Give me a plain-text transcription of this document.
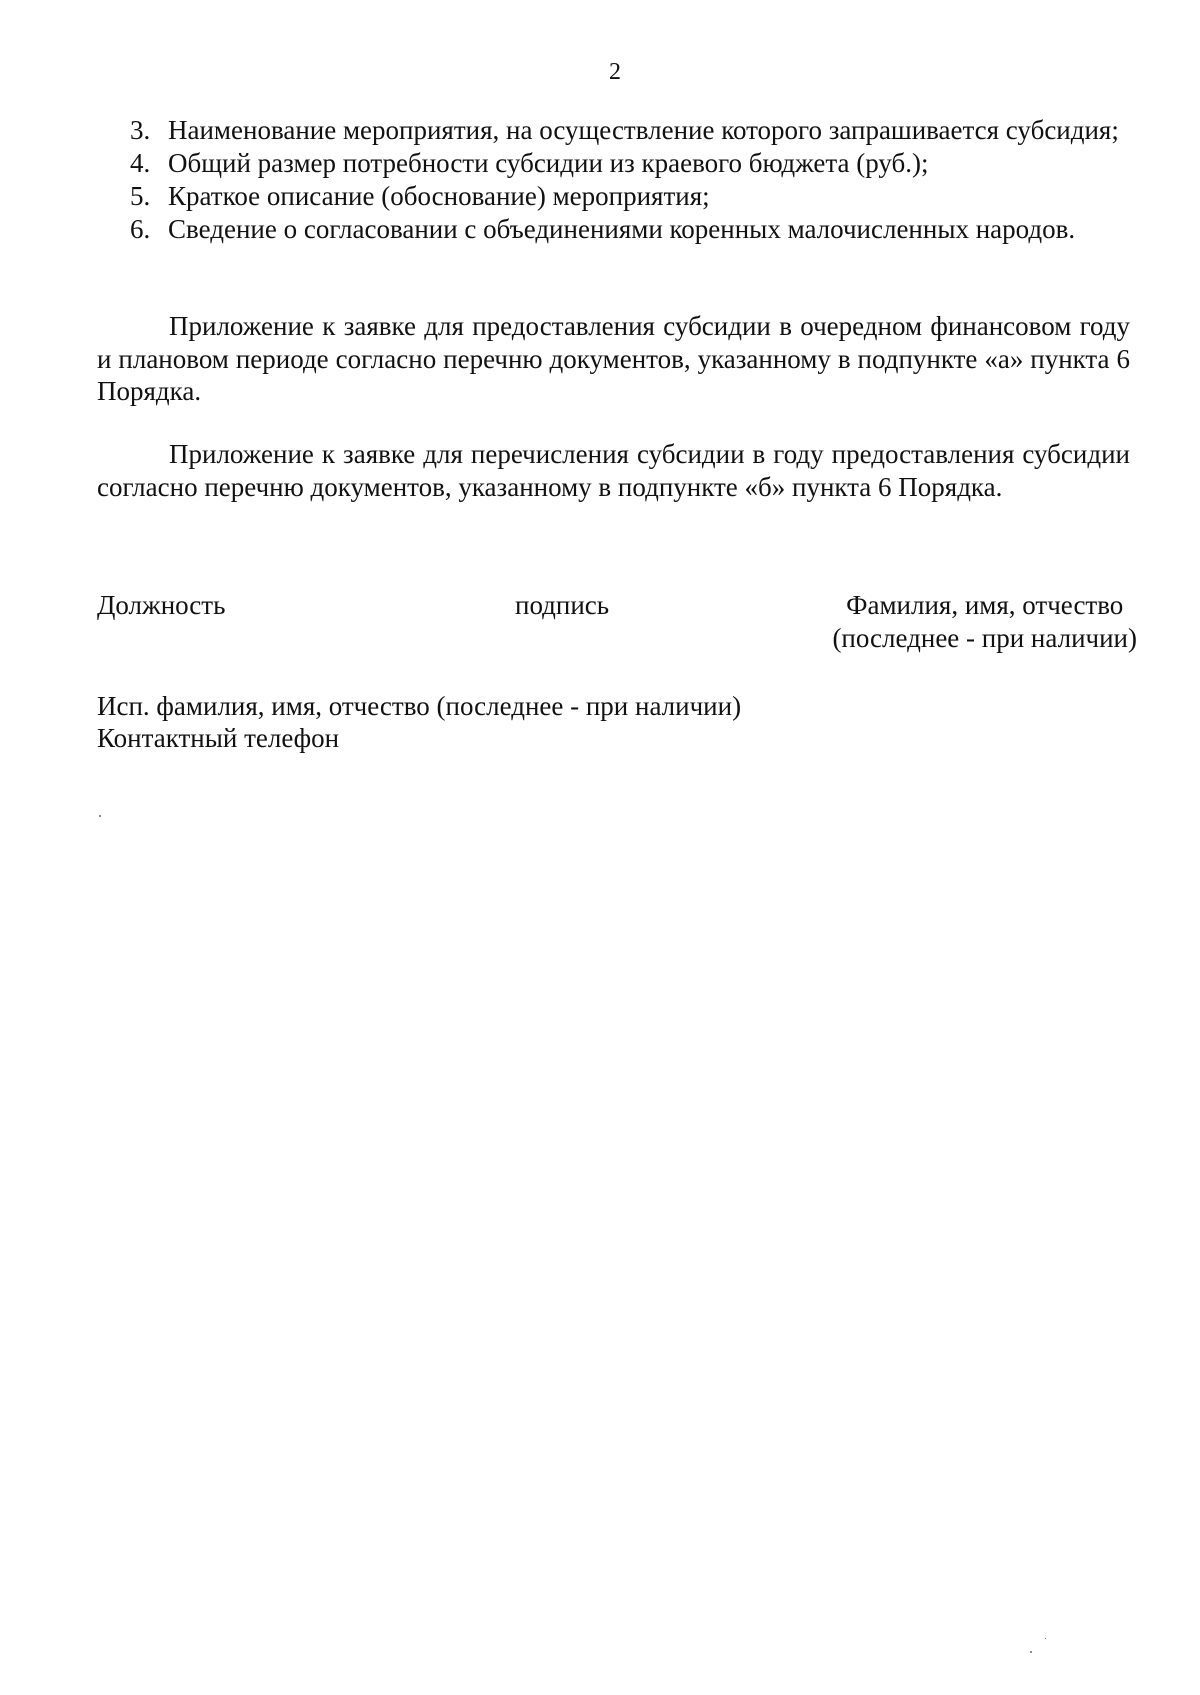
2
3. Наименование мероприятия, на осуществление которого запрашивается субсидия;
4. Общий размер потребности субсидии из краевого бюджета (руб.);
5. Краткое описание (обоснование) мероприятия;
6. Сведение о согласовании с объединениями коренных малочисленных народов.

Приложение к заявке для предоставления субсидии в очередном финансовом году и плановом периоде согласно перечню документов, указанному в подпункте «а» пункта 6 Порядка.

Приложение к заявке для перечисления субсидии в году предоставления субсидии согласно перечню документов, указанному в подпункте «б» пункта 6 Порядка.

Должность	подпись	Фамилия, имя, отчество
(последнее - при наличии)
Исп. фамилия, имя, отчество (последнее - при наличии)
Контактный телефон
